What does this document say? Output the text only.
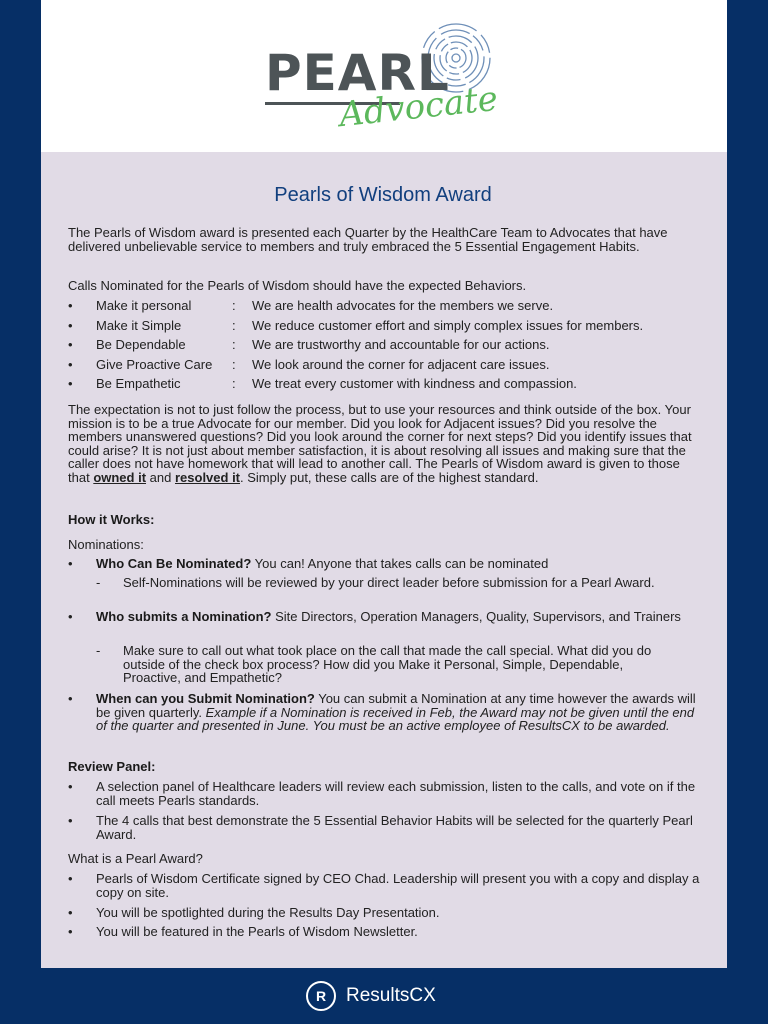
PEARL
Advocate
Pearls of Wisdom Award

The Pearls of Wisdom award is presented each Quarter by the HealthCare Team to Advocates that have delivered unbelievable service to members and truly embraced the 5 Essential Engagement Habits.

Calls Nominated for the Pearls of Wisdom should have the expected Behaviors.

• Make it personal	: We are health advocates for the members we serve.
• Make it Simple	: We reduce customer effort and simply complex issues for members.
• Be Dependable	: We are trustworthy and accountable for our actions.
• Give Proactive Care : We look around the corner for adjacent care issues.
• Be Empathetic	: We treat every customer with kindness and compassion.

The expectation is not to just follow the process, but to use your resources and think outside of the box. Your mission is to be a true Advocate for our member. Did you look for Adjacent issues? Did you resolve the members unanswered questions? Did you look around the corner for next steps? Did you identify issues that could arise? It is not just about member satisfaction, it is about resolving all issues and making sure that the caller does not have homework that will lead to another call. The Pearls of Wisdom award is given to those that owned it and resolved it. Simply put, these calls are of the highest standard.

How it Works:

Nominations:

• Who Can Be Nominated? You can! Anyone that takes calls can be nominated
- Self-Nominations will be reviewed by your direct leader before submission for a Pearl Award.
• Who submits a Nomination? Site Directors, Operation Managers, Quality, Supervisors, and Trainers
- Make sure to call out what took place on the call that made the call special. What did you do outside of the check box process? How did you Make it Personal, Simple, Dependable, Proactive, and Empathetic?
• When can you Submit Nomination? You can submit a Nomination at any time however the awards will be given quarterly. Example if a Nomination is received in Feb, the Award may not be given until the end of the quarter and presented in June. You must be an active employee of ResultsCX to be awarded.

Review Panel:

• A selection panel of Healthcare leaders will review each submission, listen to the calls, and vote on if the call meets Pearls standards.
• The 4 calls that best demonstrate the 5 Essential Behavior Habits will be selected for the quarterly Pearl Award.

What is a Pearl Award?

• Pearls of Wisdom Certificate signed by CEO Chad. Leadership will present you with a copy and display a copy on site.
• You will be spotlighted during the Results Day Presentation.
• You will be featured in the Pearls of Wisdom Newsletter.
R	ResultsCX
